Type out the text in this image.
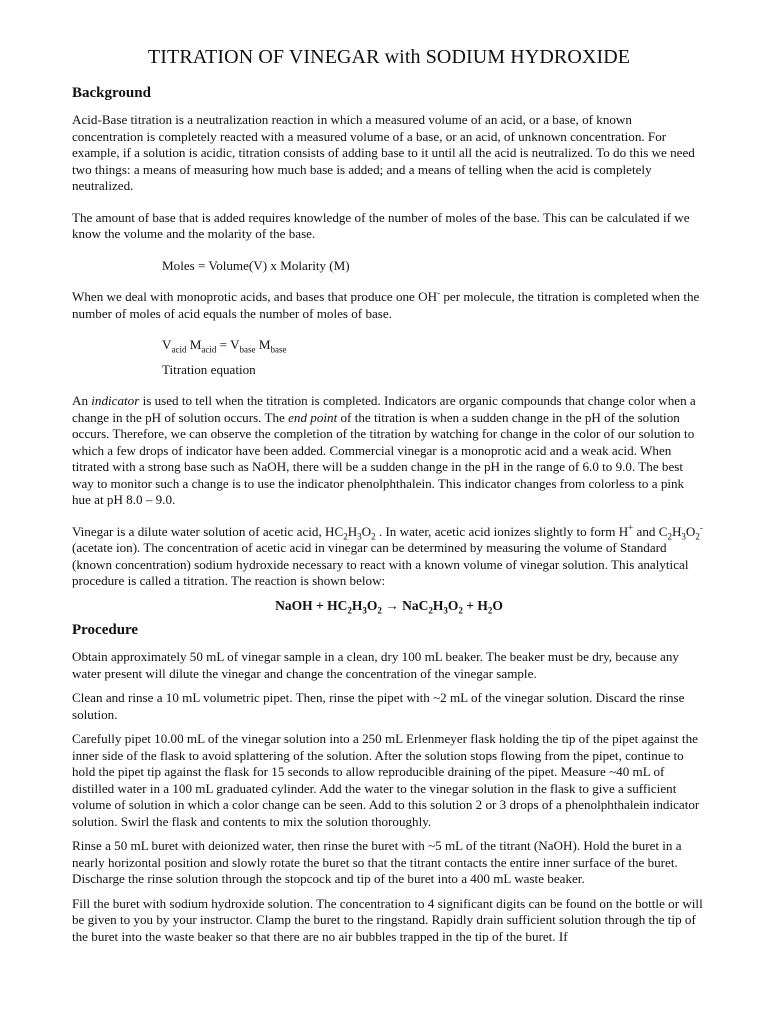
TITRATION OF VINEGAR with SODIUM HYDROXIDE
Background

Acid-Base titration is a neutralization reaction in which a measured volume of an acid, or a base, of known concentration is completely reacted with a measured volume of a base, or an acid, of unknown concentration. For example, if a solution is acidic, titration consists of adding base to it until all the acid is neutralized. To do this we need two things: a means of measuring how much base is added; and a means of telling when the acid is completely neutralized.

The amount of base that is added requires knowledge of the number of moles of the base. This can be calculated if we know the volume and the molarity of the base.

Moles = Volume(V) x Molarity (M)

When we deal with monoprotic acids, and bases that produce one OH- per molecule, the titration is completed when the number of moles of acid equals the number of moles of base.

$V_{acid}$ $M_{acid} = V_{base}$ $M_{base}$

Titration equation

An indicator is used to tell when the titration is completed. Indicators are organic compounds that change color when a change in the pH of solution occurs. The end point of the titration is when a sudden change in the pH of the solution occurs. Therefore, we can observe the completion of the titration by watching for change in the color of our solution to which a few drops of indicator have been added. Commercial vinegar is a monoprotic acid and a weak acid. When titrated with a strong base such as NaOH, there will be a sudden change in the pH in the range of 6.0 to 9.0. The best way to monitor such a change is to use the indicator phenolphthalein. This indicator changes from colorless to a pink hue at pH 8.0 – 9.0.

Vinegar is a dilute water solution of acetic acid, $HC_2H_3O_2$ . In water, acetic acid ionizes slightly to form H+ and $C_2H_3O_2^-$ (acetate ion). The concentration of acetic acid in vinegar can be determined by measuring the volume of Standard (known concentration) sodium hydroxide necessary to react with a known volume of vinegar solution. This analytical procedure is called a titration. The reaction is shown below:

NaOH + $HC_2H_3O_2 \to NaC_2H_3O_2 + H_2O$

Procedure

Obtain approximately 50 mL of vinegar sample in a clean, dry 100 mL beaker. The beaker must be dry, because any water present will dilute the vinegar and change the concentration of the vinegar sample.

Clean and rinse a 10 mL volumetric pipet. Then, rinse the pipet with ~2 mL of the vinegar solution. Discard the rinse solution.

Carefully pipet 10.00 mL of the vinegar solution into a 250 mL Erlenmeyer flask holding the tip of the pipet against the inner side of the flask to avoid splattering of the solution. After the solution stops flowing from the pipet, continue to hold the pipet tip against the flask for 15 seconds to allow reproducible draining of the pipet. Measure ~40 mL of distilled water in a 100 mL graduated cylinder. Add the water to the vinegar solution in the flask to give a sufficient volume of solution in which a color change can be seen. Add to this solution 2 or 3 drops of a phenolphthalein indicator solution. Swirl the flask and contents to mix the solution thoroughly.

Rinse a 50 mL buret with deionized water, then rinse the buret with ~5 mL of the titrant (NaOH). Hold the buret in a nearly horizontal position and slowly rotate the buret so that the titrant contacts the entire inner surface of the buret. Discharge the rinse solution through the stopcock and tip of the buret into a 400 mL waste beaker.

Fill the buret with sodium hydroxide solution. The concentration to 4 significant digits can be found on the bottle or will be given to you by your instructor. Clamp the buret to the ringstand. Rapidly drain sufficient solution through the tip of the buret into the waste beaker so that there are no air bubbles trapped in the tip of the buret. If
